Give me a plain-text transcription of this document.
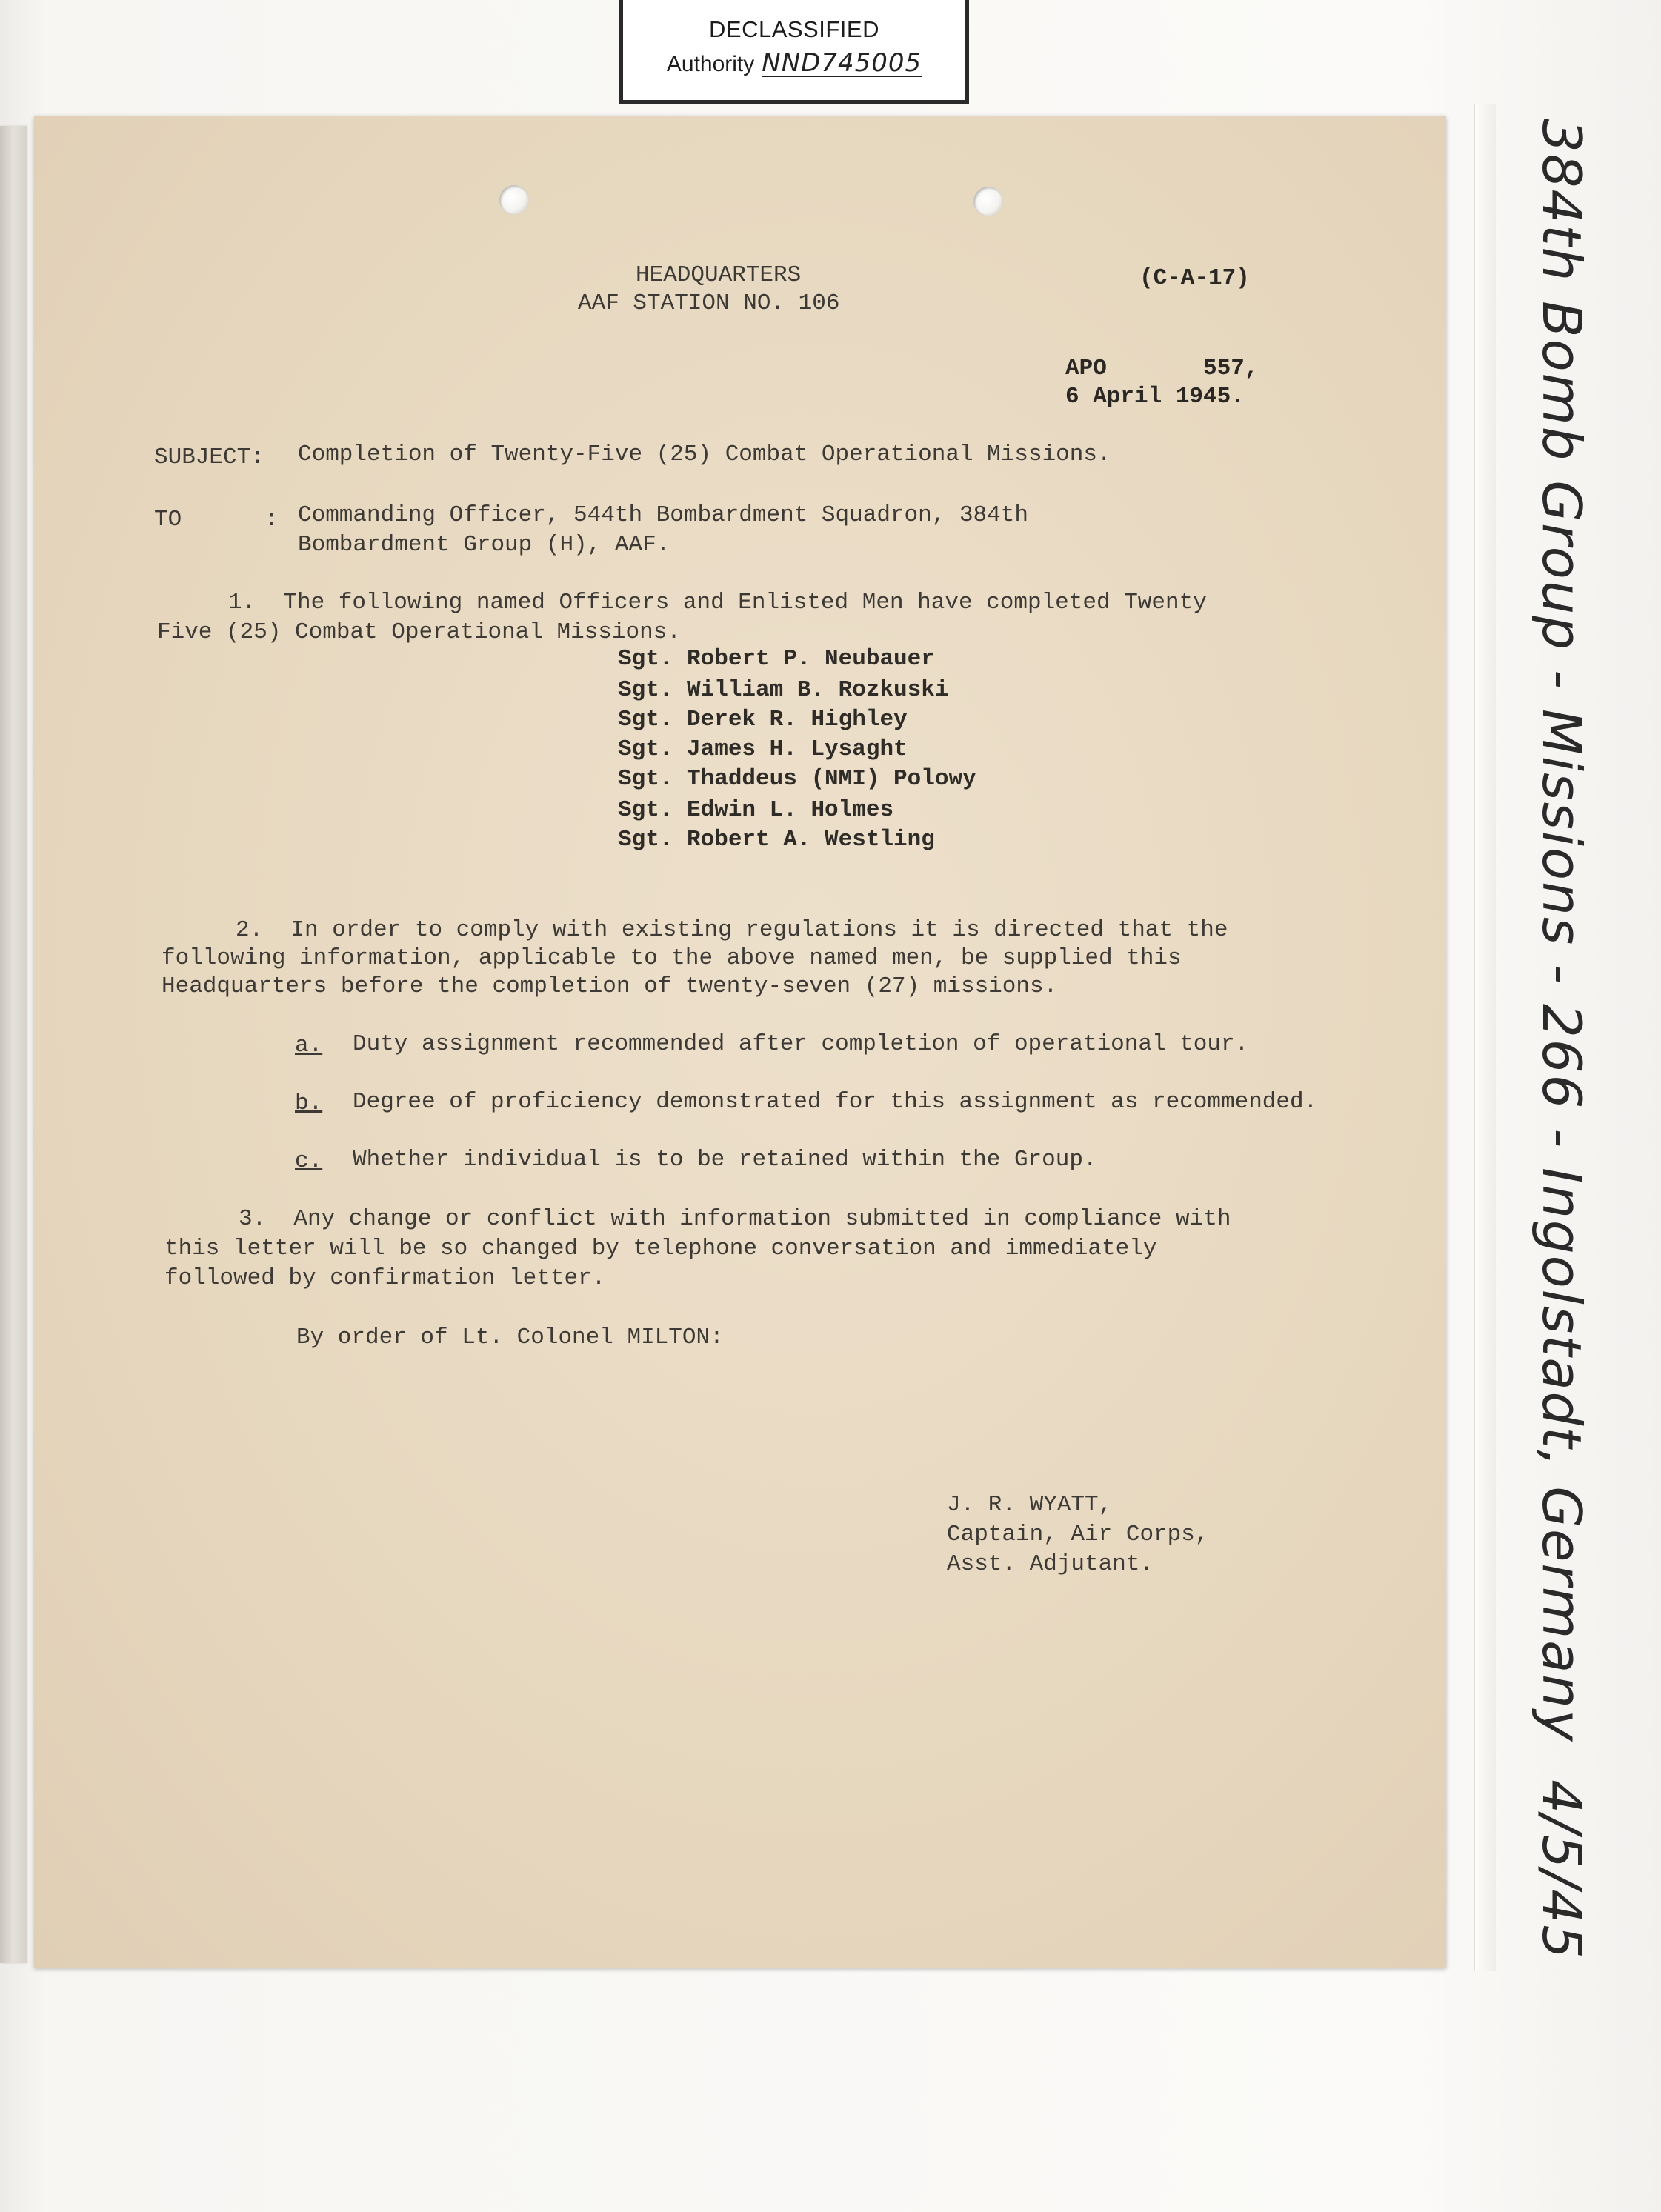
DECLASSIFIED
Authority NND745005
HEADQUARTERS
AAF STATION NO. 106
(C-A-17)
APO       557,
6 April 1945.
SUBJECT: Completion of Twenty-Five (25) Combat Operational Missions.
TO      : Commanding Officer, 544th Bombardment Squadron, 384th
Bombardment Group (H), AAF.
1.  The following named Officers and Enlisted Men have completed Twenty
Five (25) Combat Operational Missions.
Sgt. Robert P. Neubauer
Sgt. William B. Rozkuski
Sgt. Derek R. Highley
Sgt. James H. Lysaght
Sgt. Thaddeus (NMI) Polowy
Sgt. Edwin L. Holmes
Sgt. Robert A. Westling
2.  In order to comply with existing regulations it is directed that the
following information, applicable to the above named men, be supplied this
Headquarters before the completion of twenty-seven (27) missions.
a. Duty assignment recommended after completion of operational tour.
b. Degree of proficiency demonstrated for this assignment as recommended.
c. Whether individual is to be retained within the Group.
3.  Any change or conflict with information submitted in compliance with
this letter will be so changed by telephone conversation and immediately
followed by confirmation letter.
By order of Lt. Colonel MILTON:
J. R. WYATT,
Captain, Air Corps,
Asst. Adjutant.	384th Bomb Group - Missions - 266 - Ingolstadt, Germany  4/5/45
